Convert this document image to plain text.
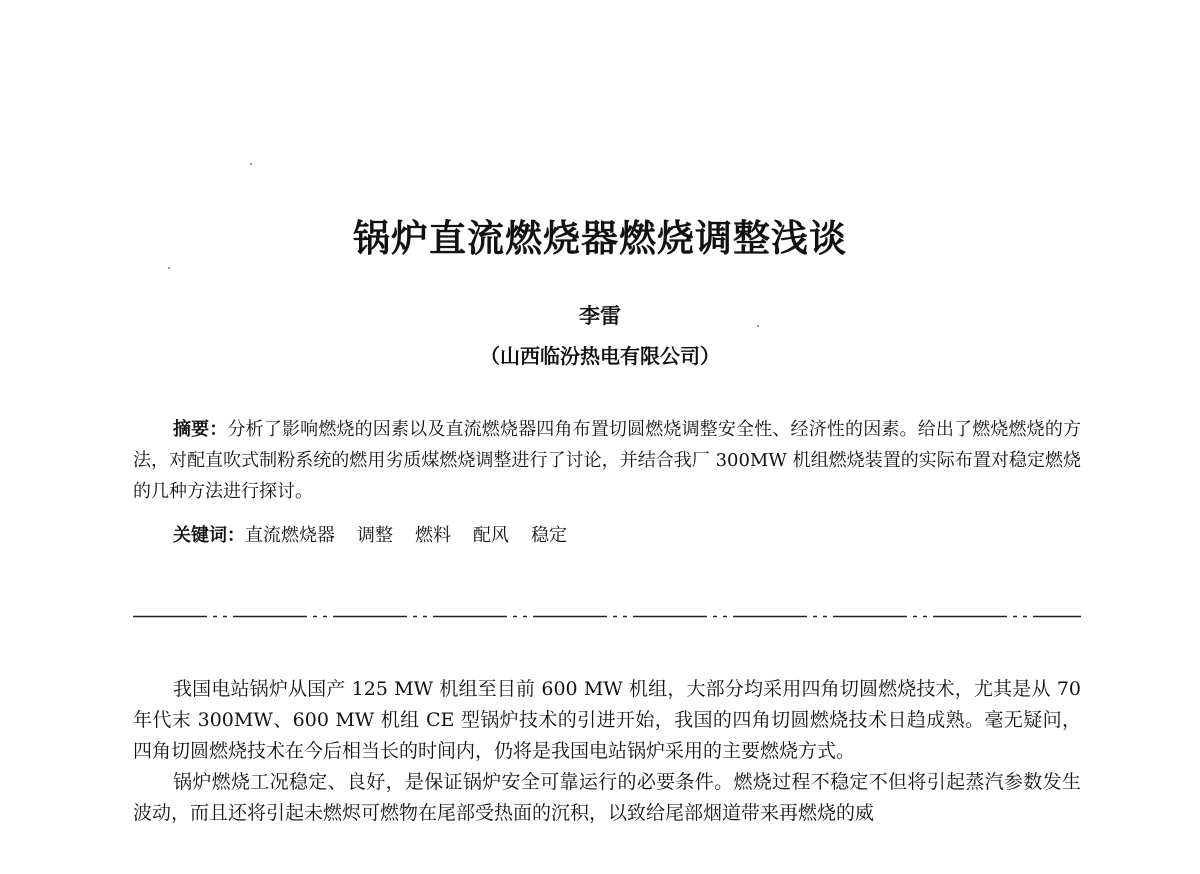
锅炉直流燃烧器燃烧调整浅谈
李雷
（山西临汾热电有限公司）

摘要：分析了影响燃烧的因素以及直流燃烧器四角布置切圆燃烧调整安全性、经济性的因素。给出了燃烧燃烧的方法，对配直吹式制粉系统的燃用劣质煤燃烧调整进行了讨论，并结合我厂 300MW 机组燃烧装置的实际布置对稳定燃烧的几种方法进行探讨。

关键词：直流燃烧器 调整 燃料 配风 稳定

我国电站锅炉从国产 125 MW 机组至目前 600 MW 机组，大部分均采用四角切圆燃烧技术，尤其是从 70 年代末 300MW、600 MW 机组 CE 型锅炉技术的引进开始，我国的四角切圆燃烧技术日趋成熟。毫无疑问，四角切圆燃烧技术在今后相当长的时间内，仍将是我国电站锅炉采用的主要燃烧方式。

锅炉燃烧工况稳定、良好，是保证锅炉安全可靠运行的必要条件。燃烧过程不稳定不但将引起蒸汽参数发生波动，而且还将引起未燃烬可燃物在尾部受热面的沉积，以致给尾部烟道带来再燃烧的威
